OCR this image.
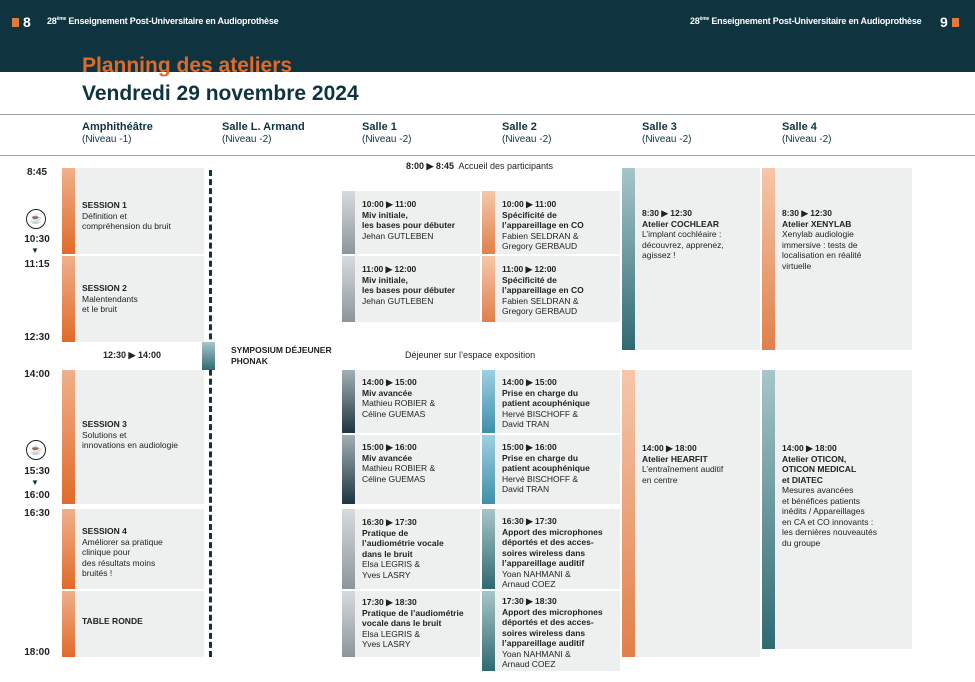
8 28ème Enseignement Post-Universitaire en Audioprothèse	28ème Enseignement Post-Universitaire en Audioprothèse 9
Planning des ateliers
Vendredi 29 novembre 2024
Amphithéâtre
(Niveau -1)
Salle L. Armand
(Niveau -2)
Salle 1
(Niveau -2)
Salle 2
(Niveau -2)
Salle 3
(Niveau -2)
Salle 4
(Niveau -2)
8:45
☕
10:30
▼
11:15
12:30
14:00
☕
15:30
▼
16:00
16:30
18:00
8:00 ▶ 8:45 Accueil des participants
SESSION 1
Définition et
compréhension du bruit
SESSION 2
Malentendants
et le bruit
SESSION 3
Solutions et
innovations en audiologie
SESSION 4
Améliorer sa pratique
clinique pour
des résultats moins
bruités !
TABLE RONDE
12:30 ▶ 14:00	SYMPOSIUM DÉJEUNER
PHONAK
Déjeuner sur l’espace exposition
10:00 ▶ 11:00
Miv initiale,
les bases pour débuter
Jehan GUTLEBEN
11:00 ▶ 12:00
Miv initiale,
les bases pour débuter
Jehan GUTLEBEN
14:00 ▶ 15:00
Miv avancée
Mathieu ROBIER &
Céline GUEMAS
15:00 ▶ 16:00
Miv avancée
Mathieu ROBIER &
Céline GUEMAS
16:30 ▶ 17:30
Pratique de
l’audiométrie vocale
dans le bruit
Elsa LEGRIS &
Yves LASRY
17:30 ▶ 18:30
Pratique de l’audiométrie
vocale dans le bruit
Elsa LEGRIS &
Yves LASRY
10:00 ▶ 11:00
Spécificité de
l’appareillage en CO
Fabien SELDRAN &
Gregory GERBAUD
11:00 ▶ 12:00
Spécificité de
l’appareillage en CO
Fabien SELDRAN &
Gregory GERBAUD
14:00 ▶ 15:00
Prise en charge du
patient acouphénique
Hervé BISCHOFF &
David TRAN
15:00 ▶ 16:00
Prise en charge du
patient acouphénique
Hervé BISCHOFF &
David TRAN
16:30 ▶ 17:30
Apport des microphones
déportés et des acces-
soires wireless dans
l’appareillage auditif
Yoan NAHMANI &
Arnaud COEZ
17:30 ▶ 18:30
Apport des microphones
déportés et des acces-
soires wireless dans
l’appareillage auditif
Yoan NAHMANI &
Arnaud COEZ
8:30 ▶ 12:30
Atelier COCHLEAR
L’implant cochléaire :
découvrez, apprenez,
agissez !
14:00 ▶ 18:00
Atelier HEARFIT
L’entraînement auditif
en centre
8:30 ▶ 12:30
Atelier XENYLAB
Xenylab audiologie
immersive : tests de
localisation en réalité
virtuelle
14:00 ▶ 18:00
Atelier OTICON,
OTICON MEDICAL
et DIATEC
Mesures avancées
et bénéfices patients
inédits / Appareillages
en CA et CO innovants :
les dernières nouveautés
du groupe
